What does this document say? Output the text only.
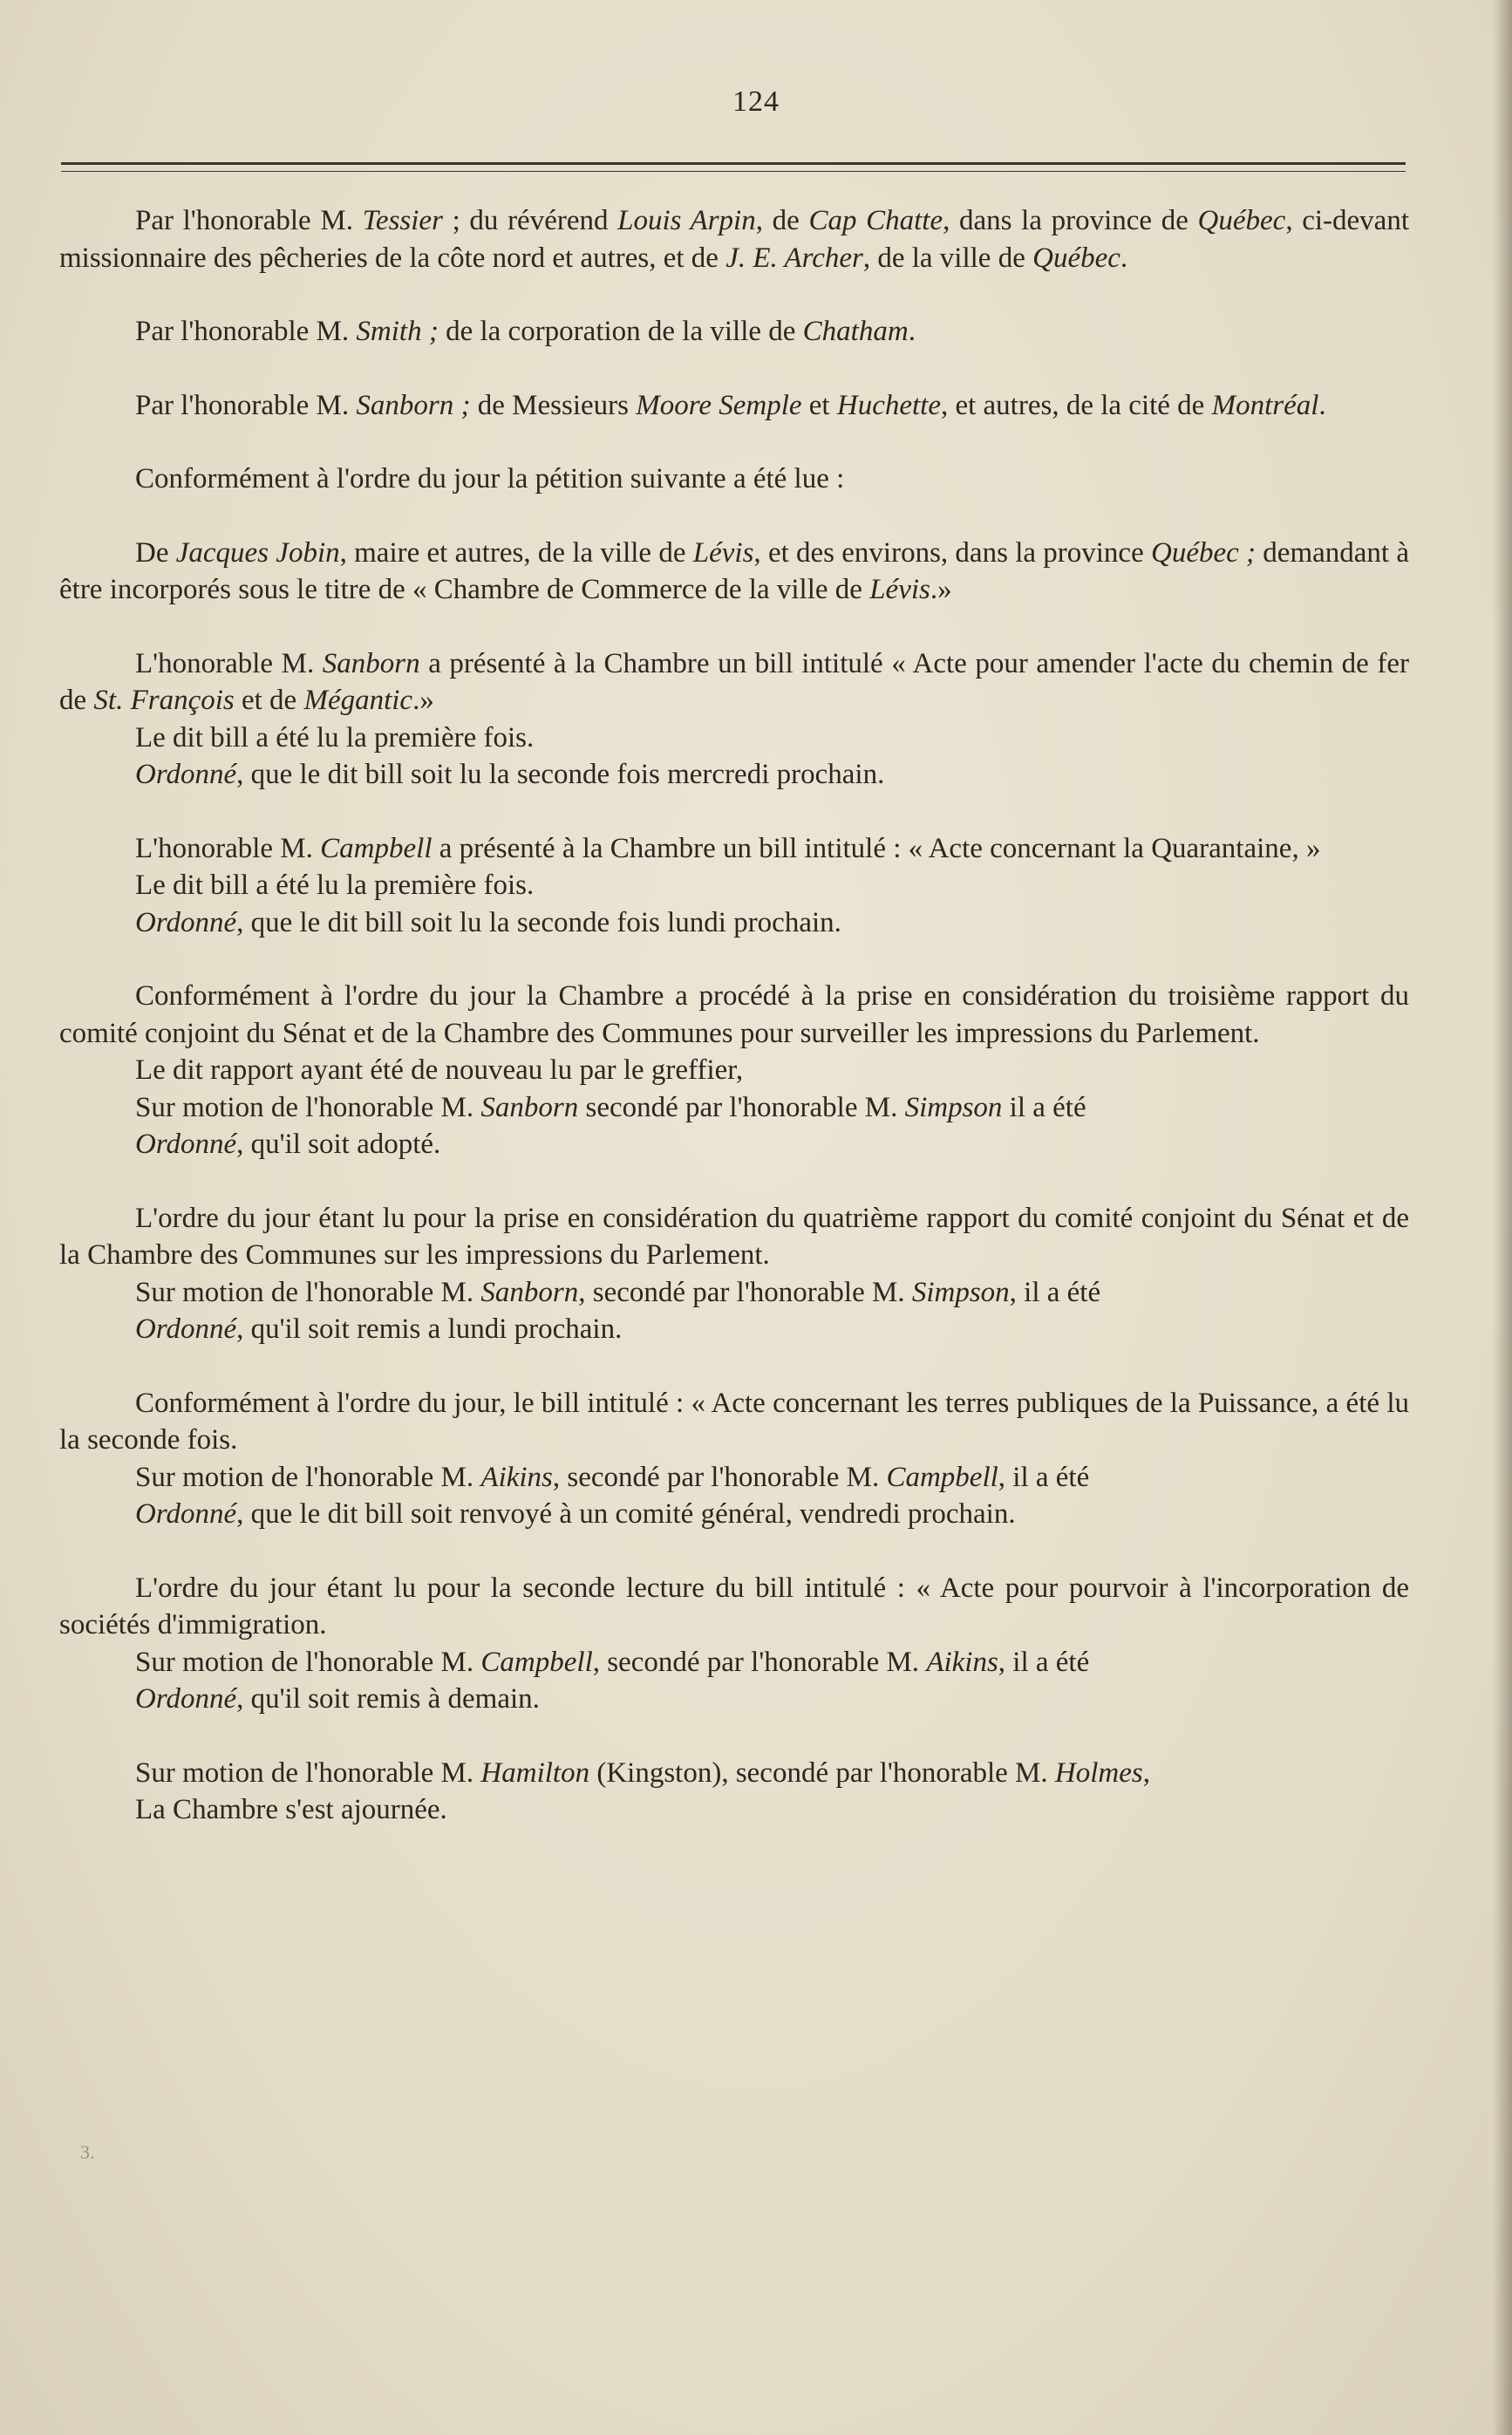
124

Par l'honorable M. Tessier ; du révérend Louis Arpin, de Cap Chatte, dans la province de Québec, ci-devant missionnaire des pêcheries de la côte nord et autres, et de J. E. Archer, de la ville de Québec.

Par l'honorable M. Smith ; de la corporation de la ville de Chatham.

Par l'honorable M. Sanborn ; de Messieurs Moore Semple et Huchette, et autres, de la cité de Montréal.

Conformément à l'ordre du jour la pétition suivante a été lue :

De Jacques Jobin, maire et autres, de la ville de Lévis, et des environs, dans la province Québec ; demandant à être incorporés sous le titre de « Chambre de Commerce de la ville de Lévis.»

L'honorable M. Sanborn a présenté à la Chambre un bill intitulé « Acte pour amender l'acte du chemin de fer de St. François et de Mégantic.»

Le dit bill a été lu la première fois.

Ordonné, que le dit bill soit lu la seconde fois mercredi prochain.

L'honorable M. Campbell a présenté à la Chambre un bill intitulé : « Acte concernant la Quarantaine, »

Le dit bill a été lu la première fois.

Ordonné, que le dit bill soit lu la seconde fois lundi prochain.

Conformément à l'ordre du jour la Chambre a procédé à la prise en considération du troisième rapport du comité conjoint du Sénat et de la Chambre des Communes pour surveiller les impressions du Parlement.

Le dit rapport ayant été de nouveau lu par le greffier,

Sur motion de l'honorable M. Sanborn secondé par l'honorable M. Simpson il a été

Ordonné, qu'il soit adopté.

L'ordre du jour étant lu pour la prise en considération du quatrième rapport du comité conjoint du Sénat et de la Chambre des Communes sur les impressions du Parlement.

Sur motion de l'honorable M. Sanborn, secondé par l'honorable M. Simpson, il a été

Ordonné, qu'il soit remis a lundi prochain.

Conformément à l'ordre du jour, le bill intitulé : « Acte concernant les terres publiques de la Puissance, a été lu la seconde fois.

Sur motion de l'honorable M. Aikins, secondé par l'honorable M. Campbell, il a été

Ordonné, que le dit bill soit renvoyé à un comité général, vendredi prochain.

L'ordre du jour étant lu pour la seconde lecture du bill intitulé : « Acte pour pourvoir à l'incorporation de sociétés d'immigration.

Sur motion de l'honorable M. Campbell, secondé par l'honorable M. Aikins, il a été

Ordonné, qu'il soit remis à demain.

Sur motion de l'honorable M. Hamilton (Kingston), secondé par l'honorable M. Holmes,

La Chambre s'est ajournée.

3.
